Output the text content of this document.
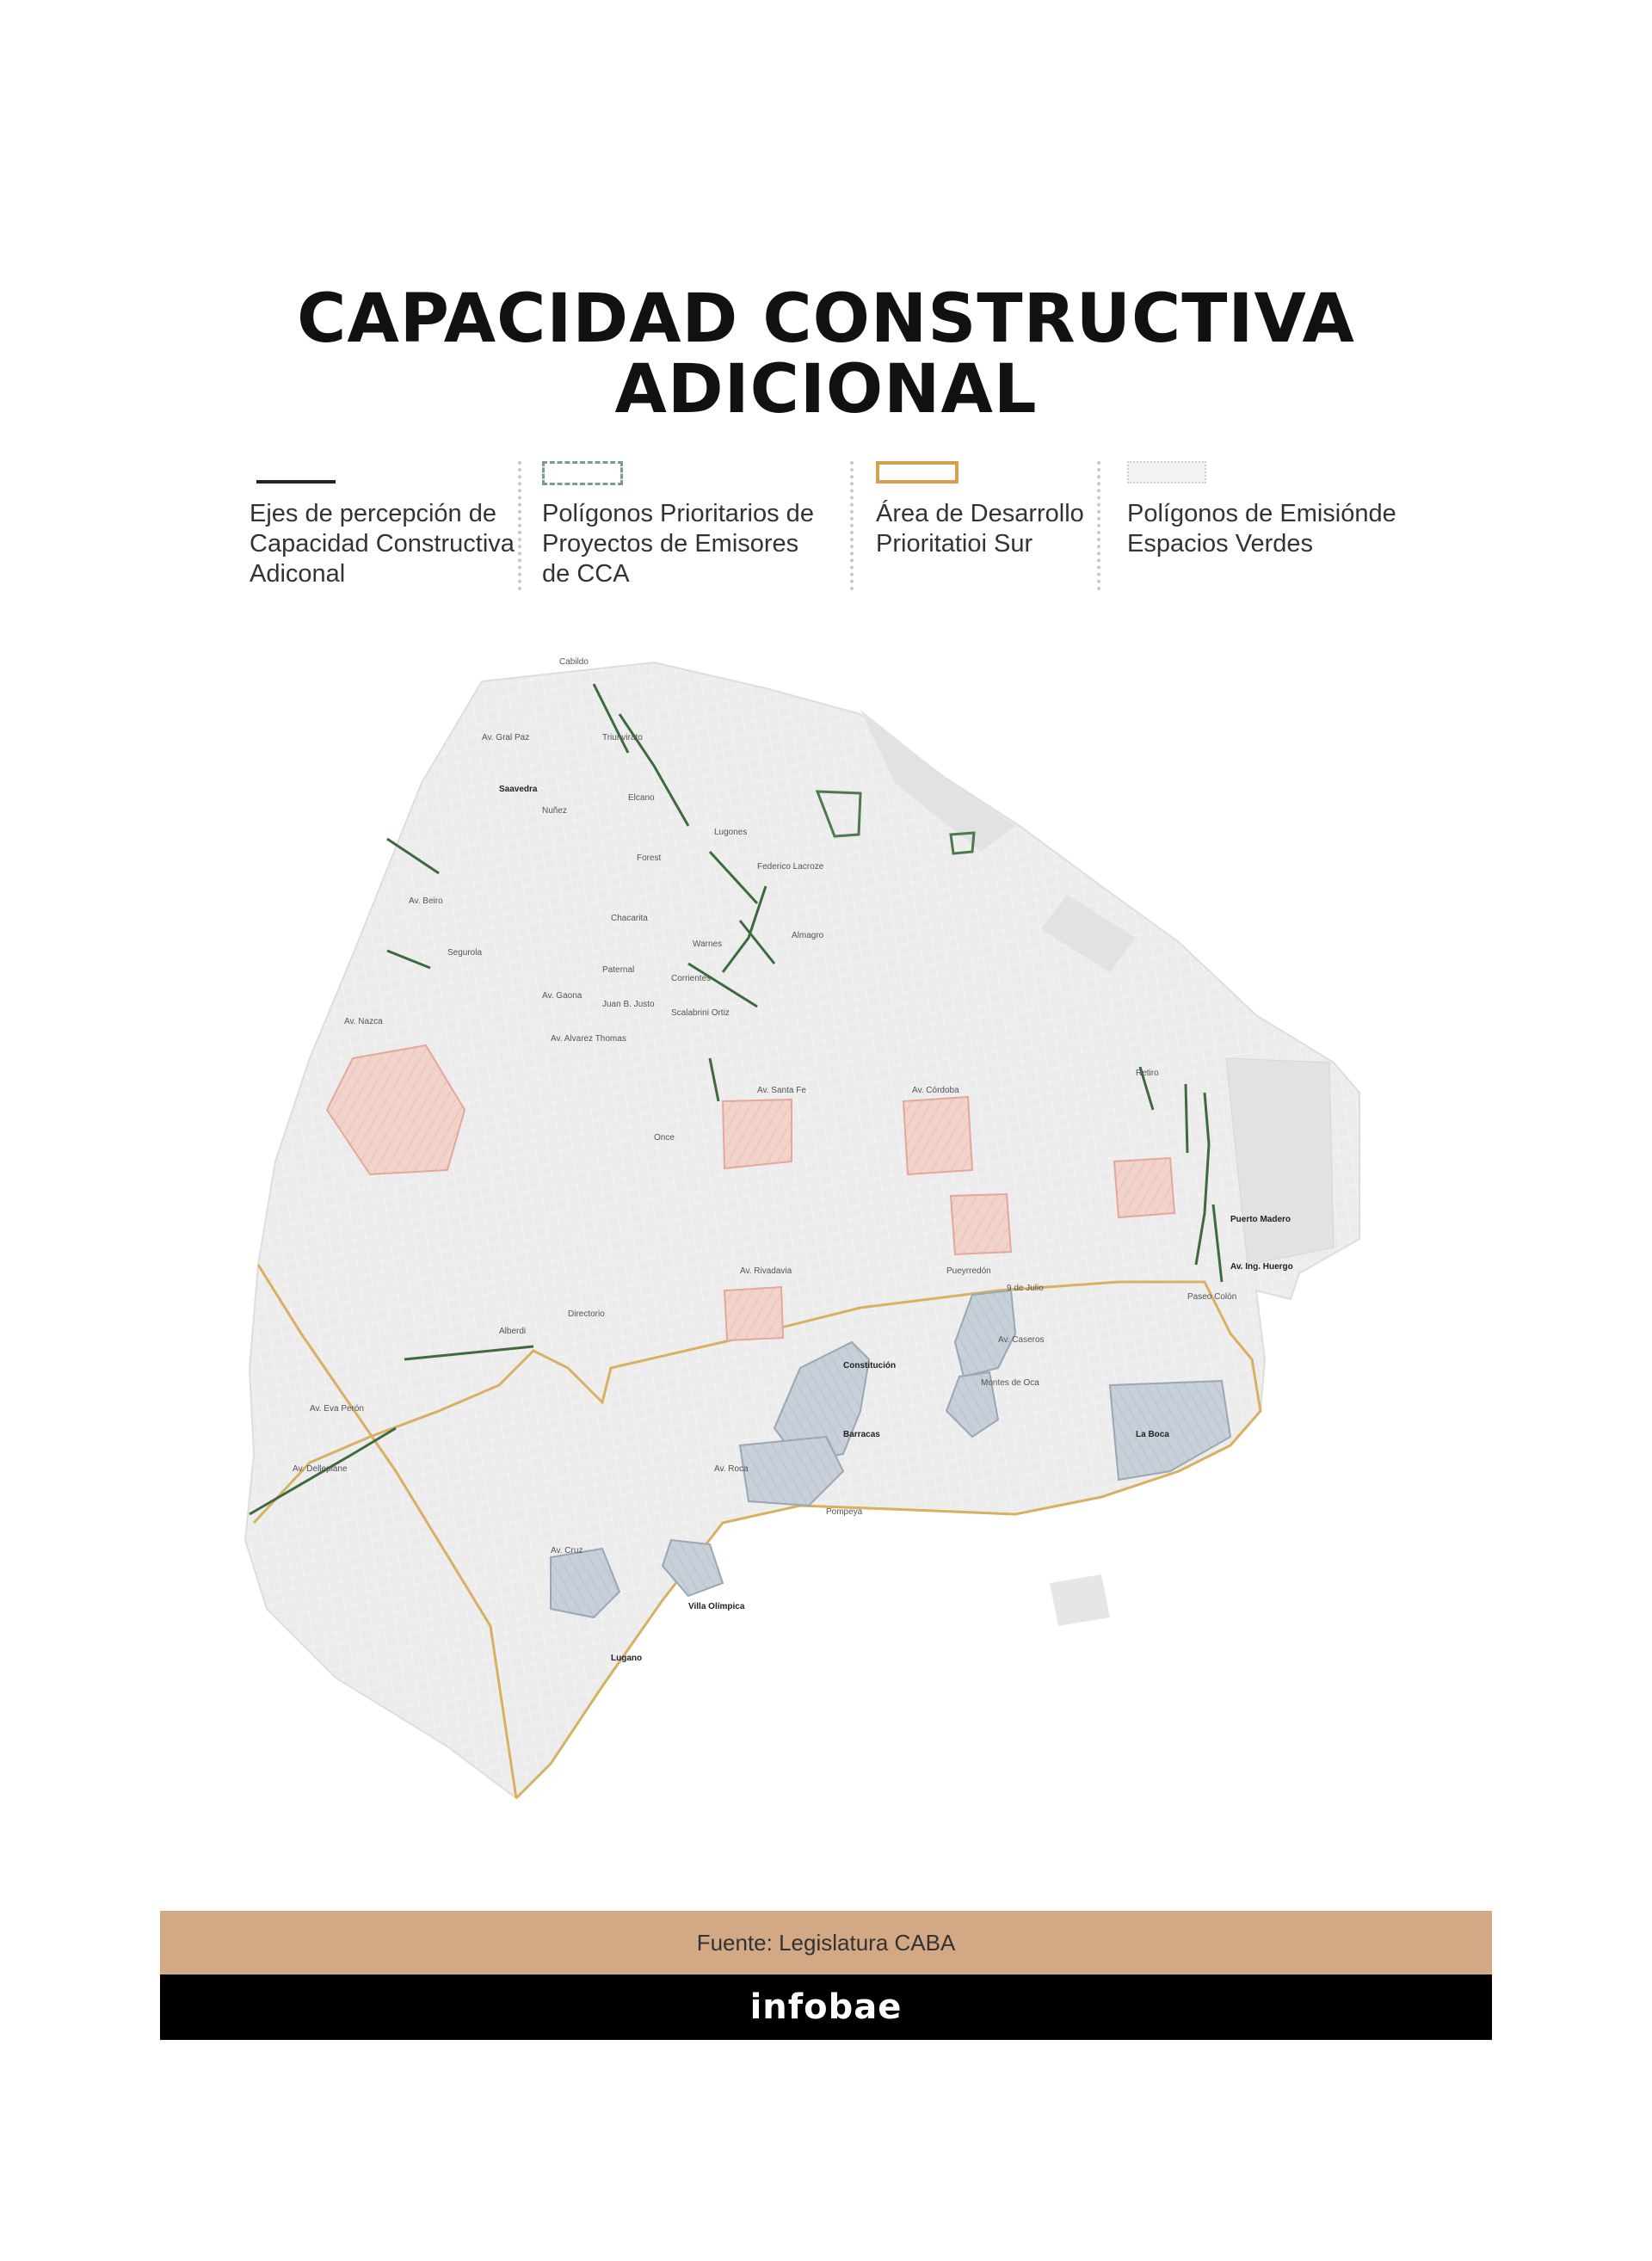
CAPACIDAD CONSTRUCTIVA
ADICIONAL
Ejes de percepción de Capacidad Constructiva Adiconal
Polígonos Prioritarios de Proyectos de Emisores de CCA
Área de Desarrollo Prioritatioi Sur
Polígonos de Emisiónde Espacios Verdes
Av. Gral Paz
Saavedra
Cabildo
Triunvirato
Nuñez
Elcano
Forest
Av. Beiro
Segurola
Av. Nazca
Av. Gaona
Av. Alvarez Thomas
Chacarita
Lugones
Federico Lacroze
Paternal
Juan B. Justo
Scalabrini Ortiz
Corrientes
Warnes
Almagro
Av. Córdoba
Av. Santa Fe
Pueyrredón
Once
Av. Rivadavia
9 de Julio
Retiro
Puerto Madero
Av. Ing. Huergo
Paseo Colón
Constitución
Av. Caseros
Montes de Oca
La Boca
Barracas
Pompeya
Directorio
Alberdi
Av. Eva Perón
Av. Dellepiane
Av. Cruz
Villa Olímpica
Lugano
Av. Roca
Fuente: Legislatura CABA
infobae
